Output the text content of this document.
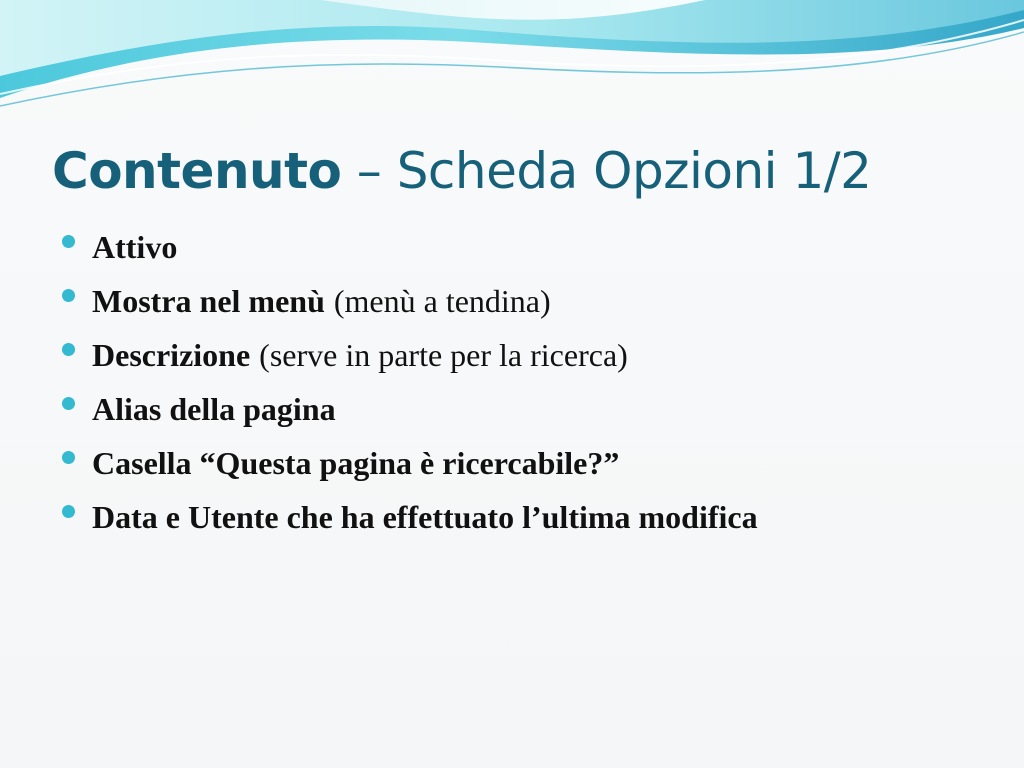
Contenuto – Scheda Opzioni 1/2
Attivo
Mostra nel menù (menù a tendina)
Descrizione (serve in parte per la ricerca)
Alias della pagina
Casella “Questa pagina è ricercabile?”
Data e Utente che ha effettuato l’ultima modifica
